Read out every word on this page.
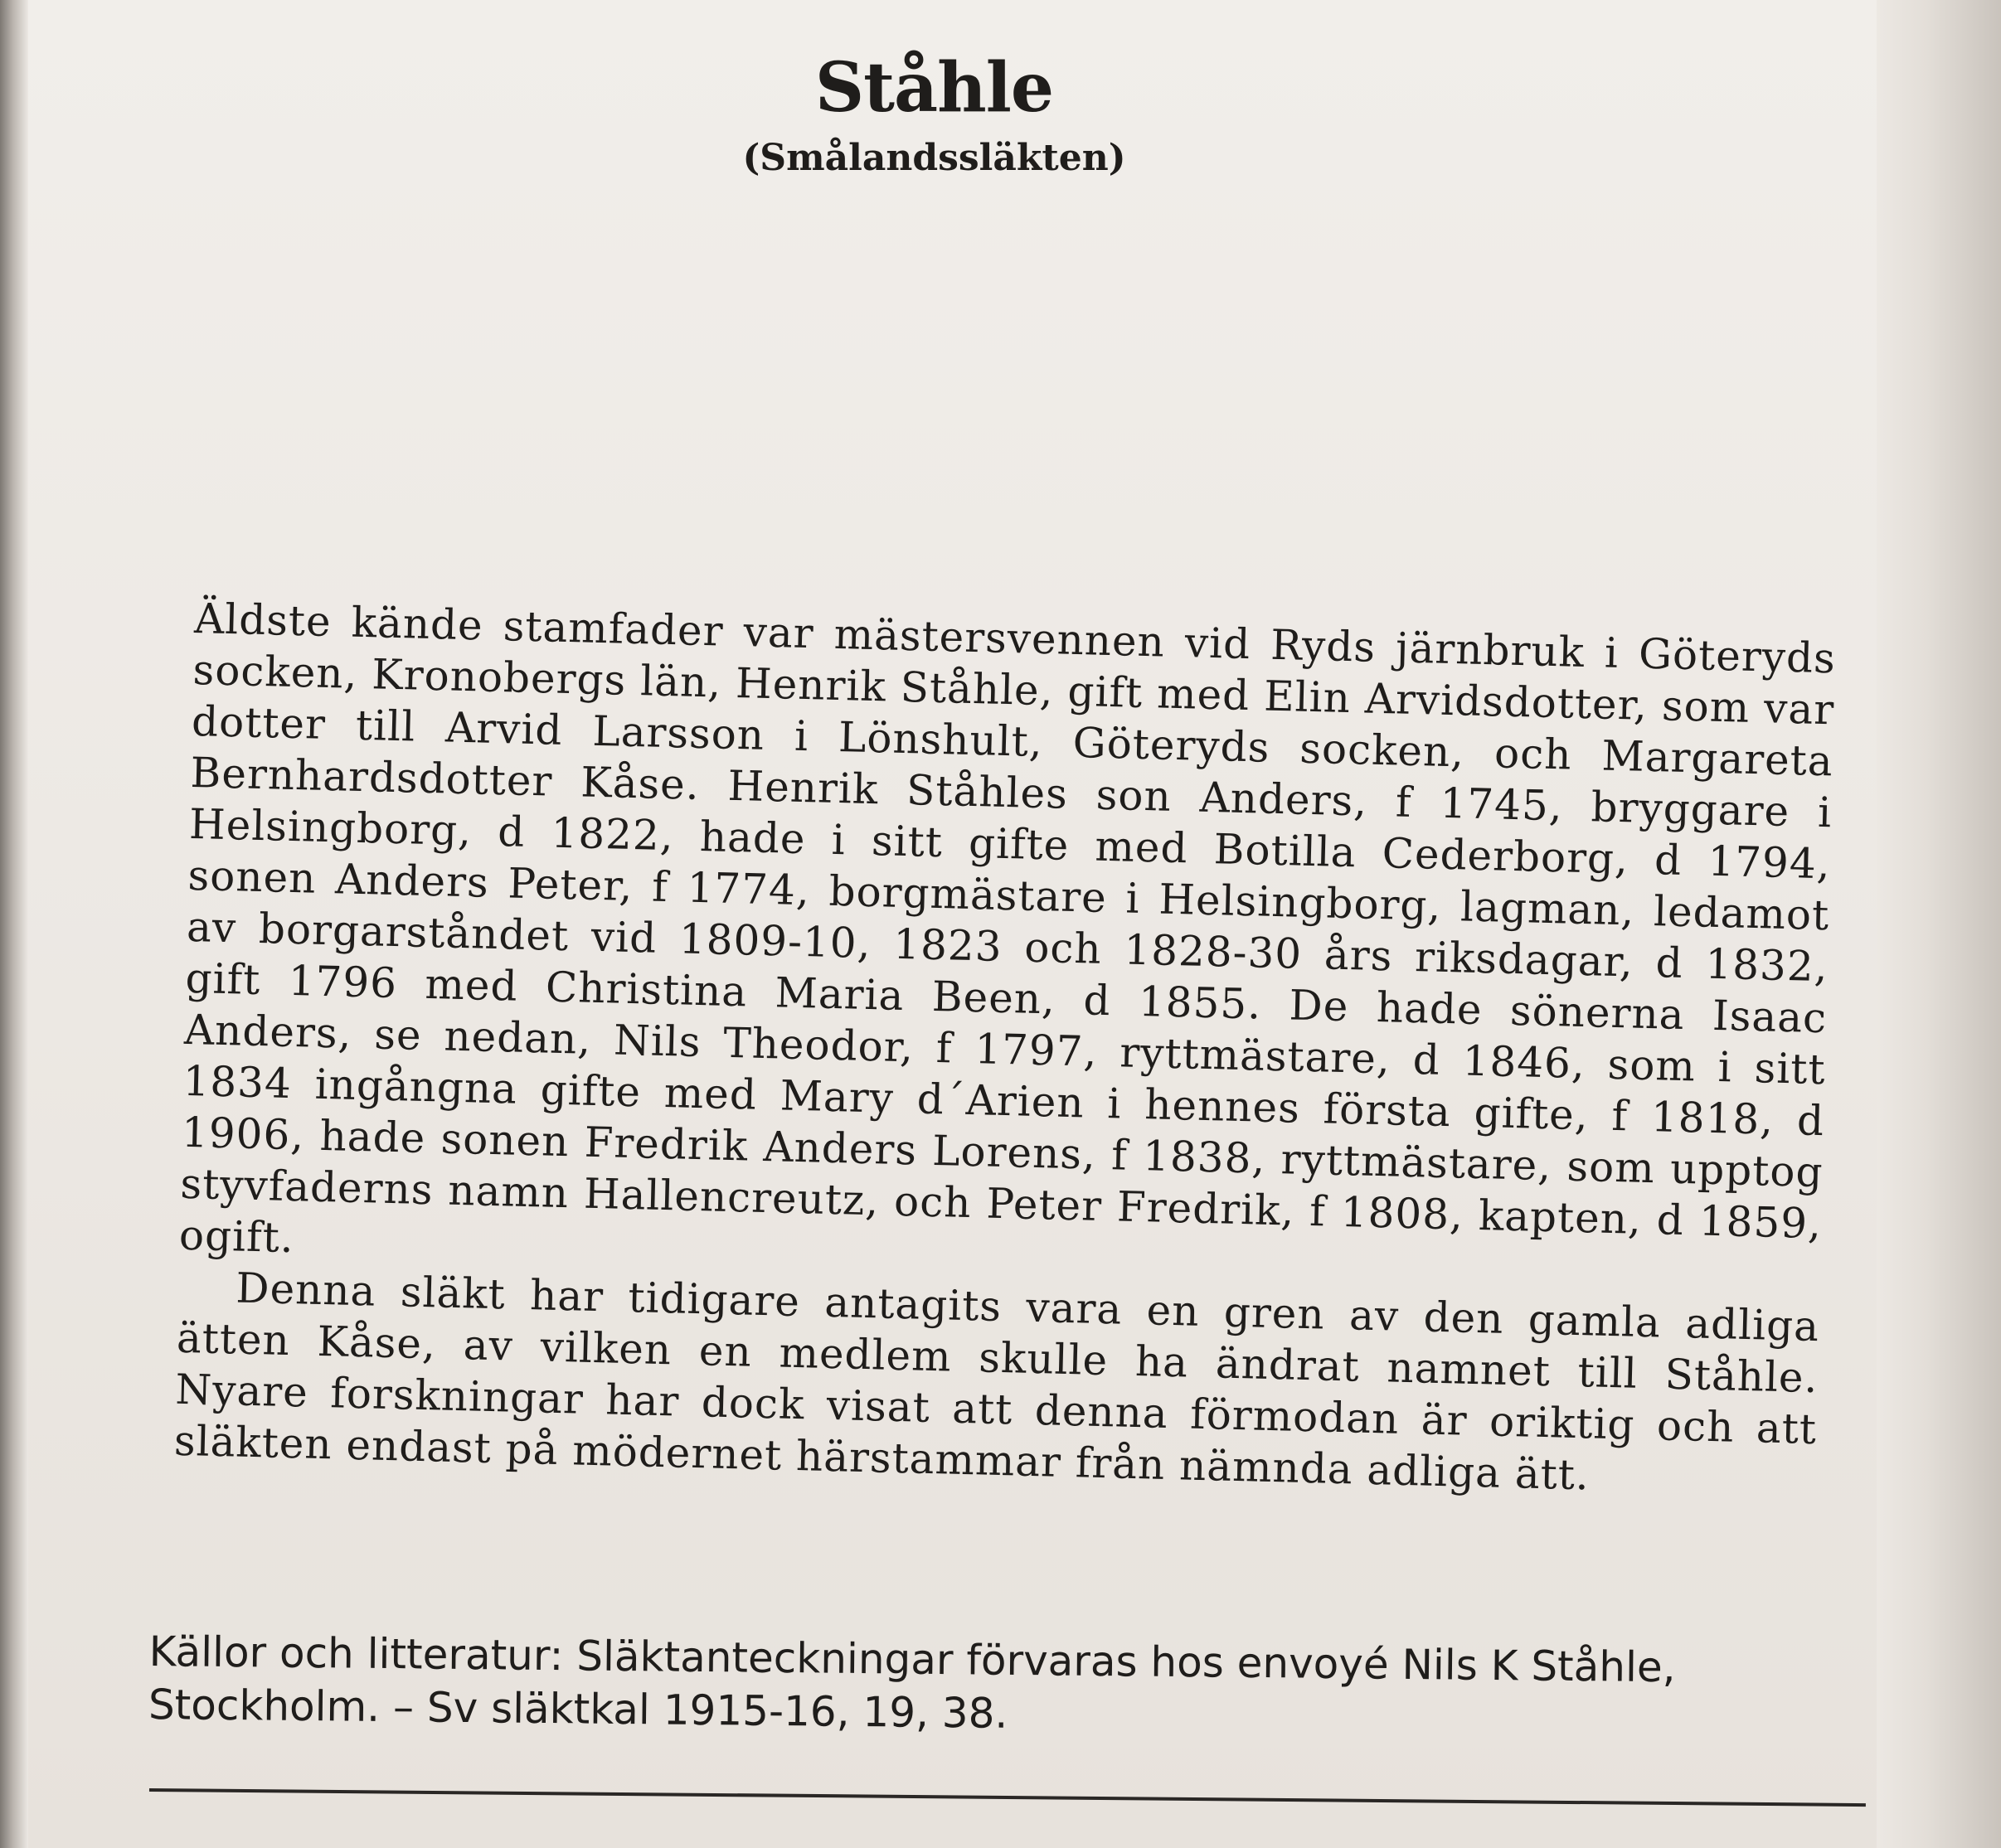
Ståhle
(Smålandssläkten)

Äldste kände stamfader var mästersvennen vid Ryds järnbruk i Göteryds socken, Kronobergs län, Henrik Ståhle, gift med Elin Arvidsdotter, som var dotter till Arvid Larsson i Lönshult, Göteryds socken, och Margareta Bernhardsdotter Kåse. Henrik Ståhles son Anders, f 1745, bryggare i Helsingborg, d 1822, hade i sitt gifte med Botilla Cederborg, d 1794, sonen Anders Peter, f 1774, borgmästare i Helsingborg, lagman, ledamot av borgarståndet vid 1809-10, 1823 och 1828-30 års riksdagar, d 1832, gift 1796 med Christina Maria Been, d 1855. De hade sönerna Isaac Anders, se nedan, Nils Theodor, f 1797, ryttmästare, d 1846, som i sitt 1834 ingångna gifte med Mary d´Arien i hennes första gifte, f 1818, d 1906, hade sonen Fredrik Anders Lorens, f 1838, ryttmästare, som upptog styvfaderns namn Hallencreutz, och Peter Fredrik, f 1808, kapten, d 1859, ogift.

Denna släkt har tidigare antagits vara en gren av den gamla adliga ätten Kåse, av vilken en medlem skulle ha ändrat namnet till Ståhle. Nyare forskningar har dock visat att denna förmodan är oriktig och att släkten endast på mödernet härstammar från nämnda adliga ätt.

Källor och litteratur: Släktanteckningar förvaras hos envoyé Nils K Ståhle, Stockholm. – Sv släktkal 1915-16, 19, 38.
